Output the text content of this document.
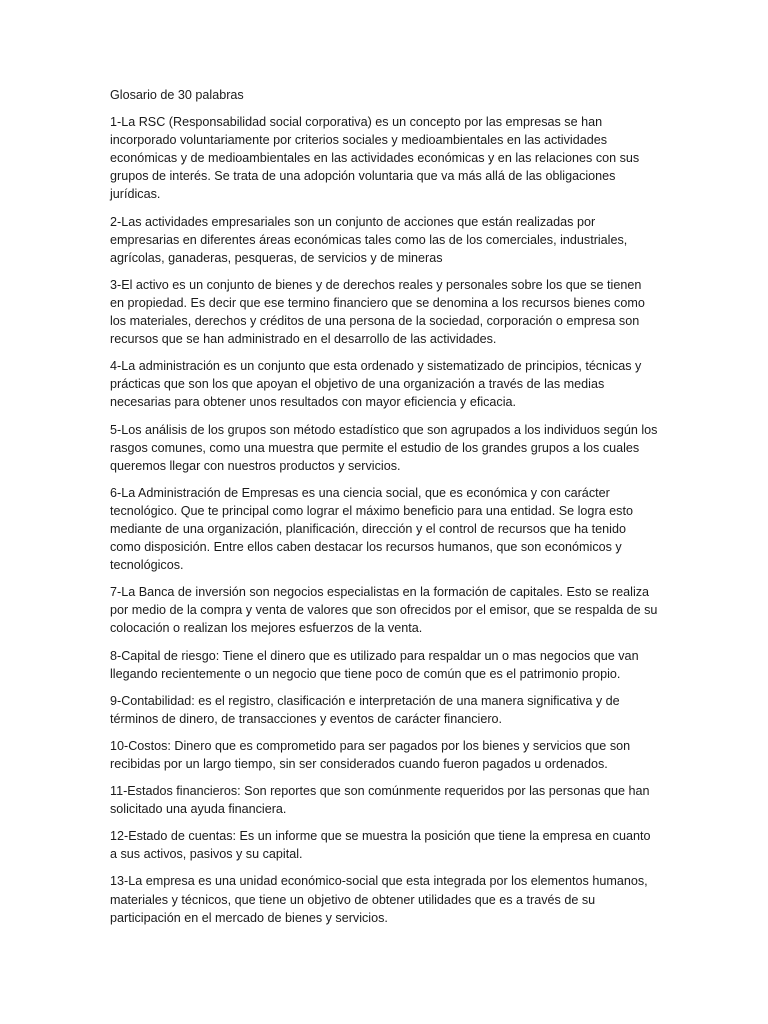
Glosario de 30 palabras

1-La RSC (Responsabilidad social corporativa) es un concepto por las empresas se han incorporado voluntariamente por criterios sociales y medioambientales en las actividades económicas y de medioambientales en las actividades económicas y en las relaciones con sus grupos de interés. Se trata de una adopción voluntaria que va más allá de las obligaciones jurídicas.

2-Las actividades empresariales son un conjunto de acciones que están realizadas por empresarias en diferentes áreas económicas tales como las de los comerciales, industriales, agrícolas, ganaderas, pesqueras, de servicios y de mineras

3-El activo es un conjunto de bienes y de derechos reales y personales sobre los que se tienen en propiedad. Es decir que ese termino financiero que se denomina a los recursos bienes como los materiales, derechos y créditos de una persona de la sociedad, corporación o empresa son recursos que se han administrado en el desarrollo de las actividades.

4-La administración es un conjunto que esta ordenado y sistematizado de principios, técnicas y prácticas que son los que apoyan el objetivo de una organización a través de las medias necesarias para obtener unos resultados con mayor eficiencia y eficacia.

5-Los análisis de los grupos son método estadístico que son agrupados a los individuos según los rasgos comunes, como una muestra que permite el estudio de los grandes grupos a los cuales queremos llegar con nuestros productos y servicios.

6-La Administración de Empresas es una ciencia social, que es económica y con carácter tecnológico. Que te principal como lograr el máximo beneficio para una entidad. Se logra esto mediante de una organización, planificación, dirección y el control de recursos que ha tenido como disposición. Entre ellos caben destacar los recursos humanos, que son económicos y tecnológicos.

7-La Banca de inversión son negocios especialistas en la formación de capitales. Esto se realiza por medio de la compra y venta de valores que son ofrecidos por el emisor, que se respalda de su colocación o realizan los mejores esfuerzos de la venta.

8-Capital de riesgo: Tiene el dinero que es utilizado para respaldar un o mas negocios que van llegando recientemente o un negocio que tiene poco de común que es el patrimonio propio.

9-Contabilidad: es el registro, clasificación e interpretación de una manera significativa y de términos de dinero, de transacciones y eventos de carácter financiero.

10-Costos: Dinero que es comprometido para ser pagados por los bienes y servicios que son recibidas por un largo tiempo, sin ser considerados cuando fueron pagados u ordenados.

11-Estados financieros: Son reportes que son comúnmente requeridos por las personas que han solicitado una ayuda financiera.

12-Estado de cuentas: Es un informe que se muestra la posición que tiene la empresa en cuanto a sus activos, pasivos y su capital.

13-La empresa es una unidad económico-social que esta integrada por los elementos humanos, materiales y técnicos, que tiene un objetivo de obtener utilidades que es a través de su participación en el mercado de bienes y servicios.
